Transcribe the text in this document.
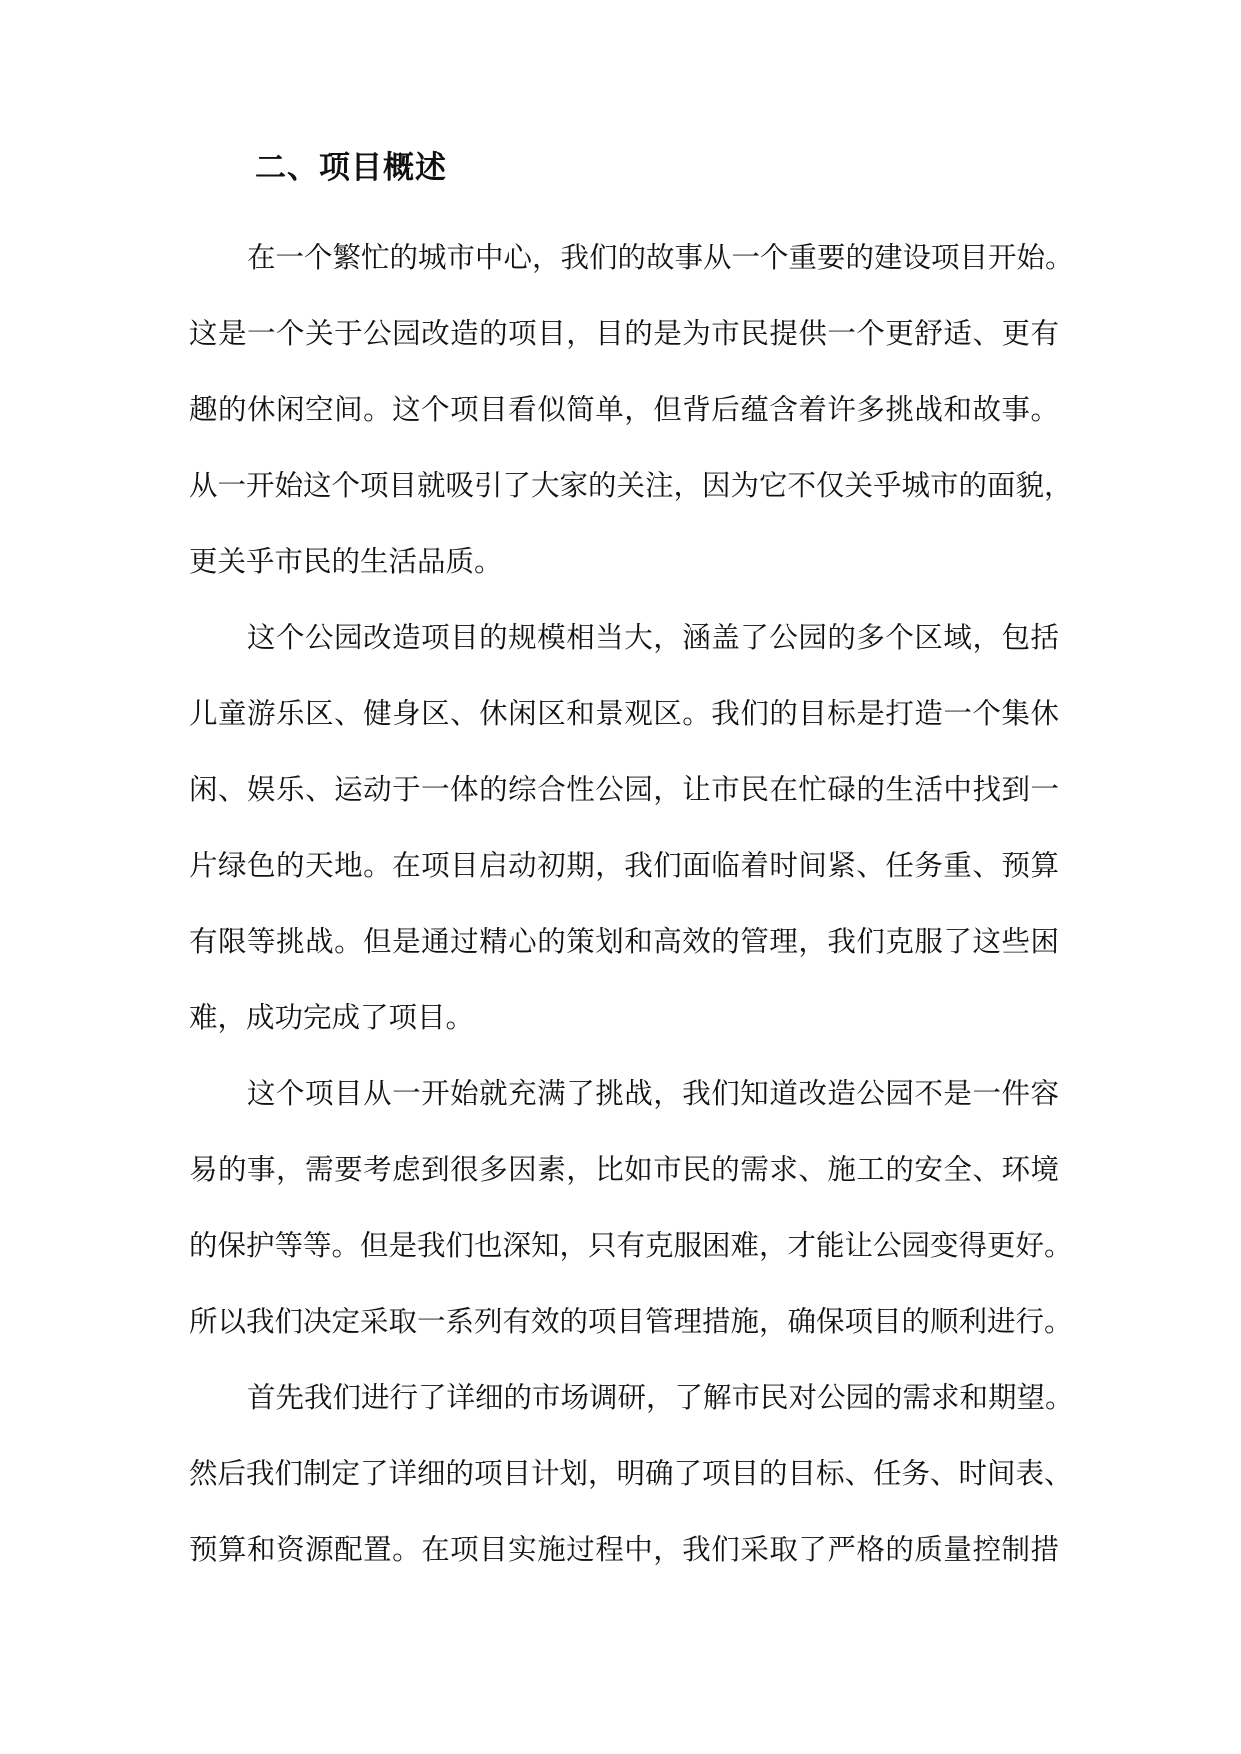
二、项目概述
在一个繁忙的城市中心，我们的故事从一个重要的建设项目开始。
这是一个关于公园改造的项目，目的是为市民提供一个更舒适、更有
趣的休闲空间。这个项目看似简单，但背后蕴含着许多挑战和故事。
从一开始这个项目就吸引了大家的关注，因为它不仅关乎城市的面貌，
更关乎市民的生活品质。
这个公园改造项目的规模相当大，涵盖了公园的多个区域，包括
儿童游乐区、健身区、休闲区和景观区。我们的目标是打造一个集休
闲、娱乐、运动于一体的综合性公园，让市民在忙碌的生活中找到一
片绿色的天地。在项目启动初期，我们面临着时间紧、任务重、预算
有限等挑战。但是通过精心的策划和高效的管理，我们克服了这些困
难，成功完成了项目。
这个项目从一开始就充满了挑战，我们知道改造公园不是一件容
易的事，需要考虑到很多因素，比如市民的需求、施工的安全、环境
的保护等等。但是我们也深知，只有克服困难，才能让公园变得更好。
所以我们决定采取一系列有效的项目管理措施，确保项目的顺利进行。
首先我们进行了详细的市场调研，了解市民对公园的需求和期望。
然后我们制定了详细的项目计划，明确了项目的目标、任务、时间表、
预算和资源配置。在项目实施过程中，我们采取了严格的质量控制措
